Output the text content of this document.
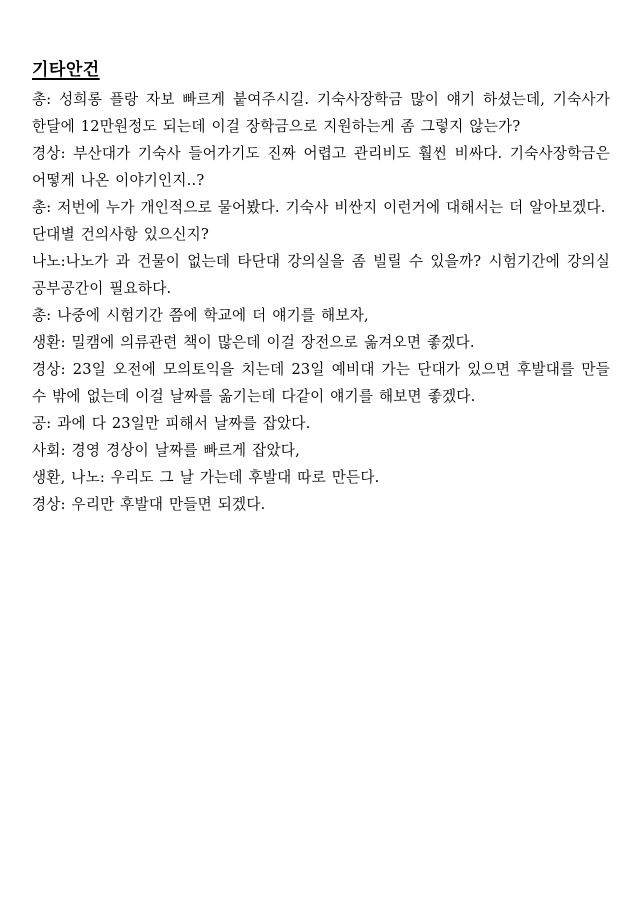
기타안건

총: 성희롱 플랑 자보 빠르게 붙여주시길. 기숙사장학금 많이 얘기 하셨는데, 기숙사가 한달에 12만원정도 되는데 이걸 장학금으로 지원하는게 좀 그렇지 않는가?

경상: 부산대가 기숙사 들어가기도 진짜 어렵고 관리비도 훨씬 비싸다. 기숙사장학금은 어떻게 나온 이야기인지..?

총: 저번에 누가 개인적으로 물어봤다. 기숙사 비싼지 이런거에 대해서는 더 알아보겠다.

단대별 건의사항 있으신지?

나노:나노가 과 건물이 없는데 타단대 강의실을 좀 빌릴 수 있을까? 시험기간에 강의실 공부공간이 필요하다.

총: 나중에 시험기간 쯤에 학교에 더 얘기를 해보자,

생환: 밀캠에 의류관련 책이 많은데 이걸 장전으로 옮겨오면 좋겠다.

경상: 23일 오전에 모의토익을 치는데 23일 예비대 가는 단대가 있으면 후발대를 만들 수 밖에 없는데 이걸 날짜를 옮기는데 다같이 얘기를 해보면 좋겠다.

공: 과에 다 23일만 피해서 날짜를 잡았다.

사회: 경영 경상이 날짜를 빠르게 잡았다,

생환, 나노: 우리도 그 날 가는데 후발대 따로 만든다.

경상: 우리만 후발대 만들면 되겠다.
